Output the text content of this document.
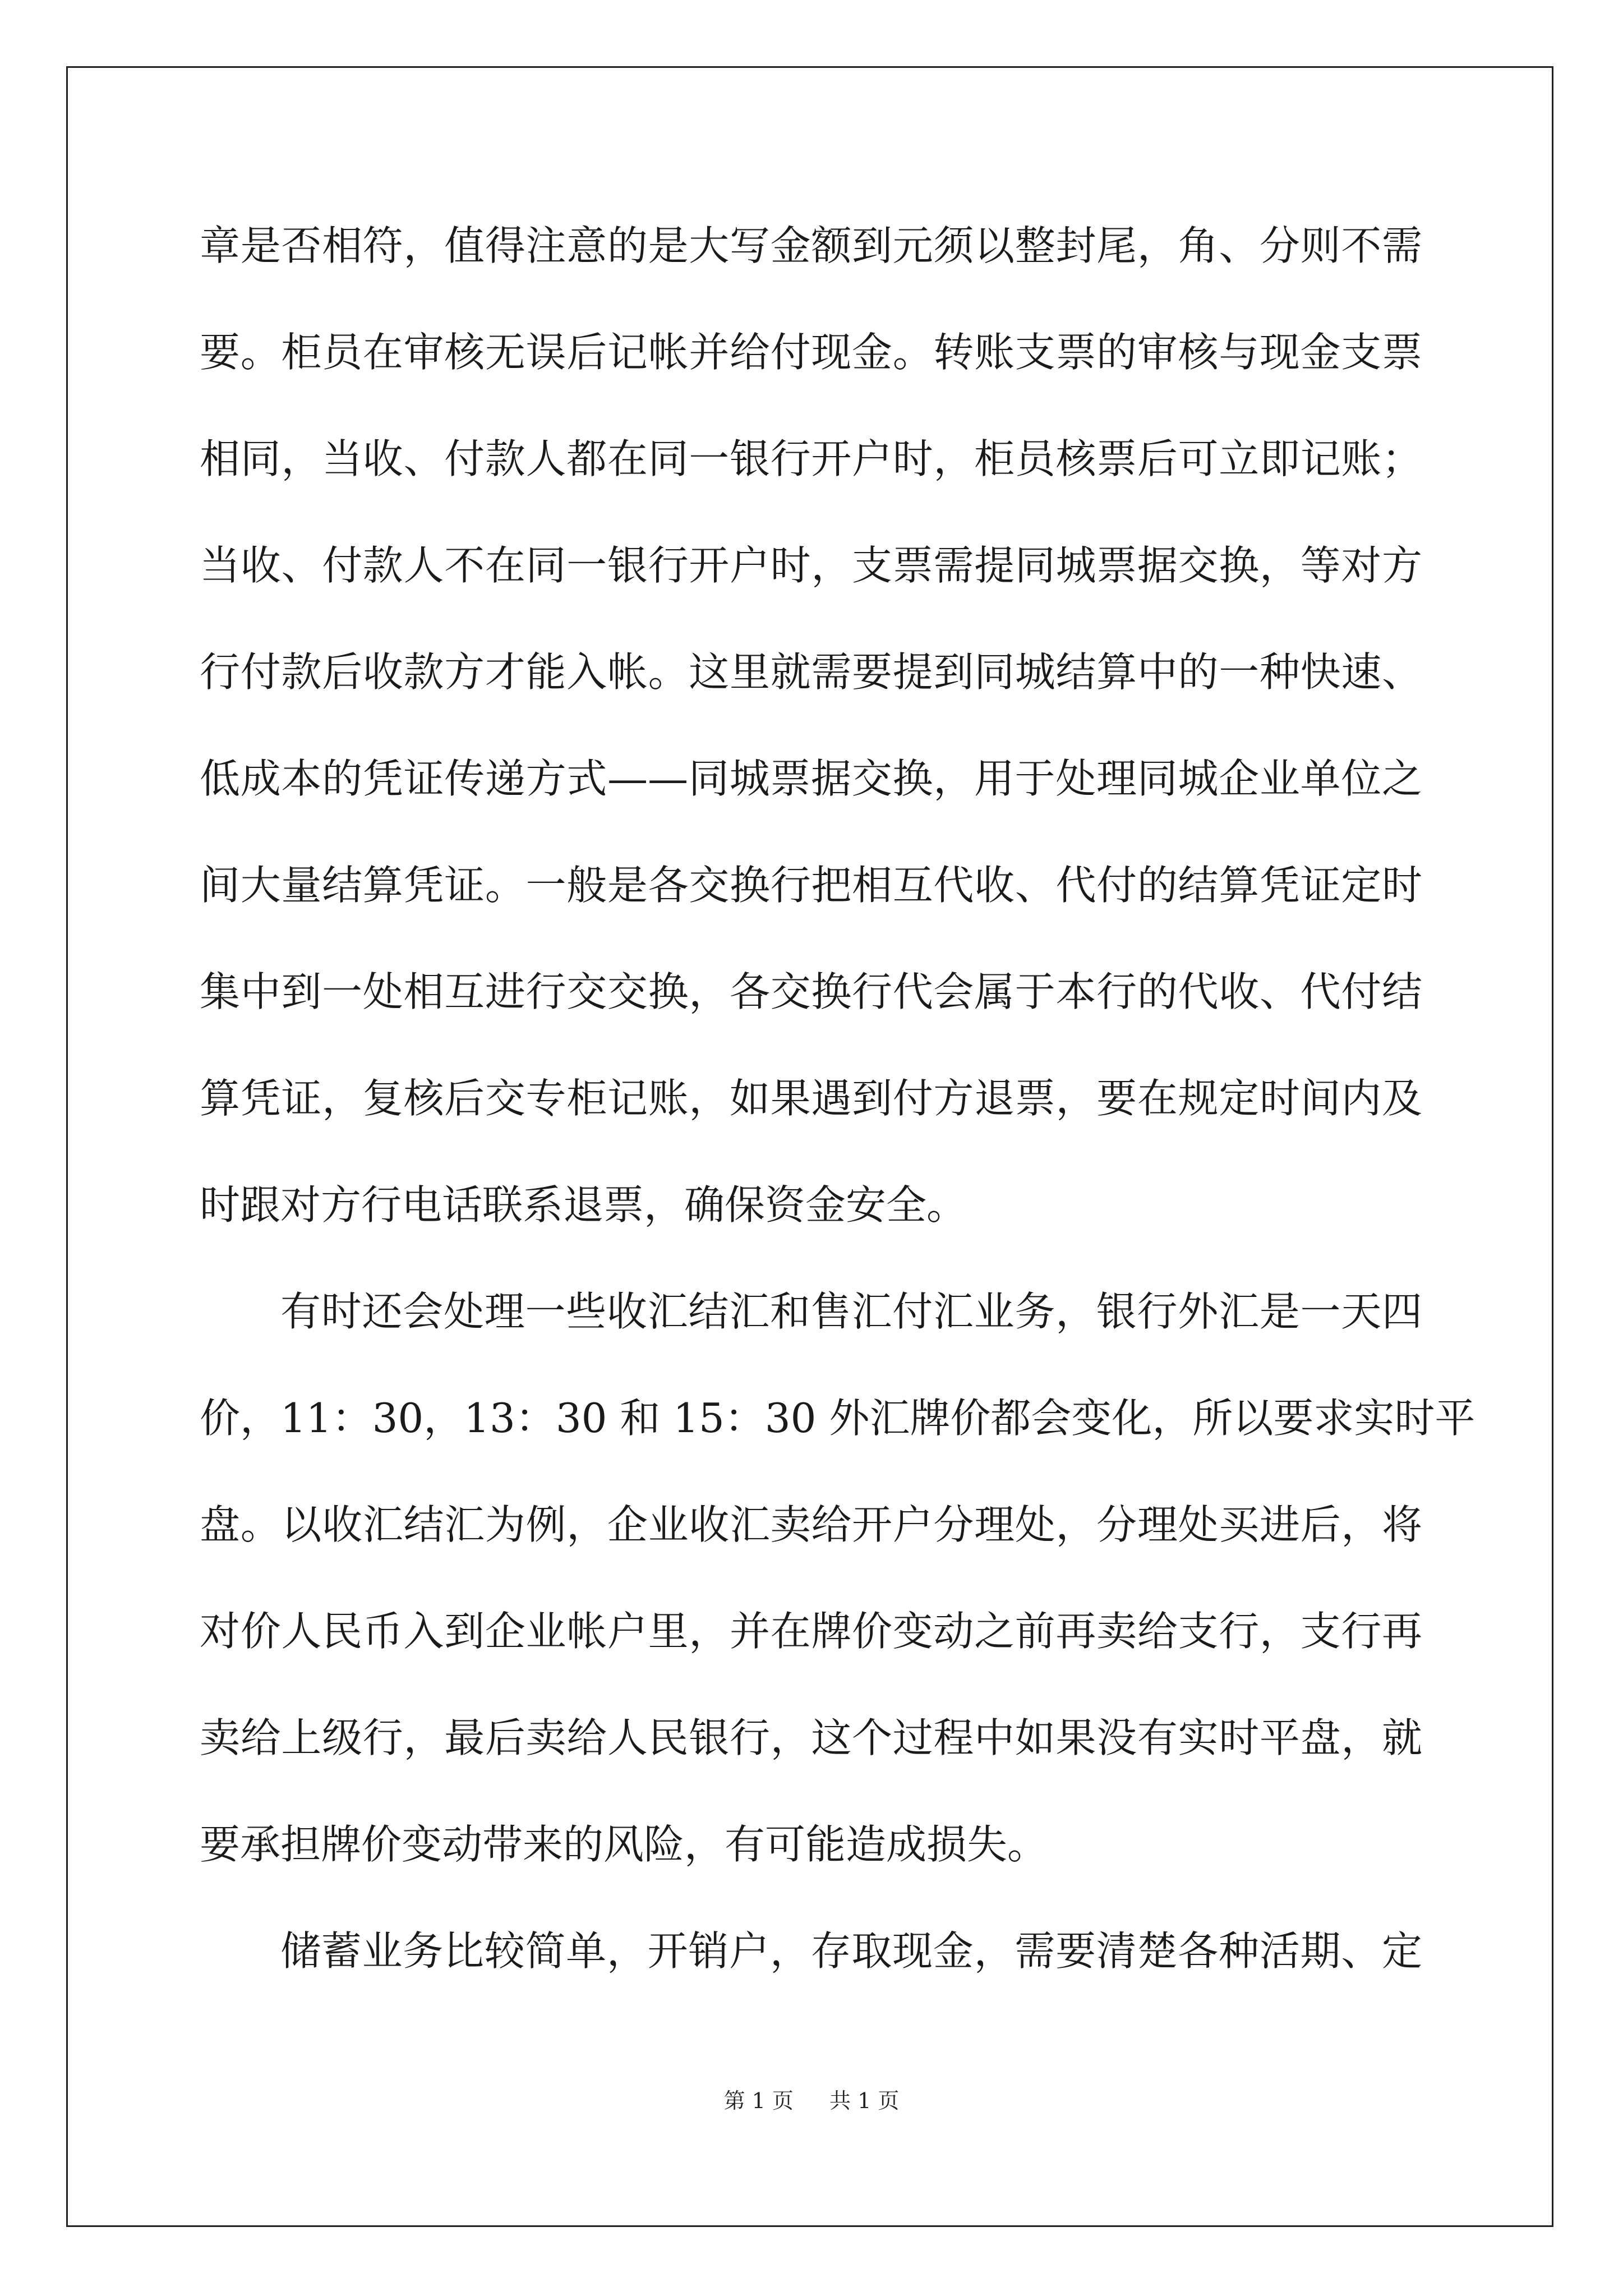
章是否相符，值得注意的是大写金额到元须以整封尾，角、分则不需
要。柜员在审核无误后记帐并给付现金。转账支票的审核与现金支票
相同，当收、付款人都在同一银行开户时，柜员核票后可立即记账；
当收、付款人不在同一银行开户时，支票需提同城票据交换，等对方
行付款后收款方才能入帐。这里就需要提到同城结算中的一种快速、
低成本的凭证传递方式——同城票据交换，用于处理同城企业单位之
间大量结算凭证。一般是各交换行把相互代收、代付的结算凭证定时
集中到一处相互进行交交换，各交换行代会属于本行的代收、代付结
算凭证，复核后交专柜记账，如果遇到付方退票，要在规定时间内及
时跟对方行电话联系退票，确保资金安全。
有时还会处理一些收汇结汇和售汇付汇业务，银行外汇是一天四
价，11：30，13：30 和 15：30 外汇牌价都会变化，所以要求实时平
盘。以收汇结汇为例，企业收汇卖给开户分理处，分理处买进后，将
对价人民币入到企业帐户里，并在牌价变动之前再卖给支行，支行再
卖给上级行，最后卖给人民银行，这个过程中如果没有实时平盘，就
要承担牌价变动带来的风险，有可能造成损失。
储蓄业务比较简单，开销户，存取现金，需要清楚各种活期、定
第 1 页 共 1 页
